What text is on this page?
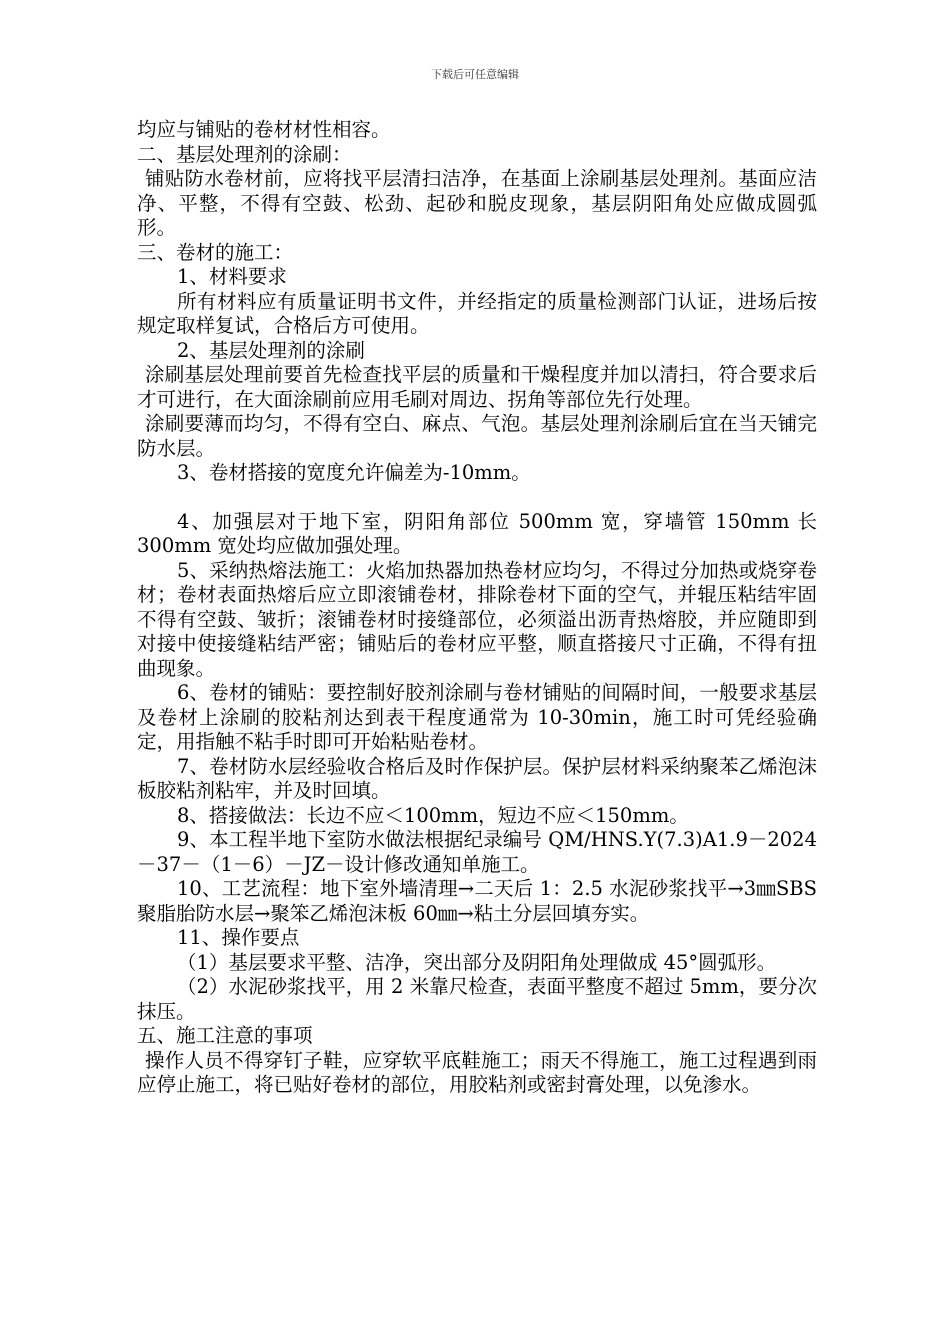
下载后可任意编辑

均应与铺贴的卷材材性相容。

二、基层处理剂的涂刷：

铺贴防水卷材前，应将找平层清扫洁净，在基面上涂刷基层处理剂。基面应洁净、平整，不得有空鼓、松劲、起砂和脱皮现象，基层阴阳角处应做成圆弧形。

三、卷材的施工：

1、材料要求

所有材料应有质量证明书文件，并经指定的质量检测部门认证，进场后按规定取样复试，合格后方可使用。

2、基层处理剂的涂刷

涂刷基层处理前要首先检查找平层的质量和干燥程度并加以清扫，符合要求后才可进行，在大面涂刷前应用毛刷对周边、拐角等部位先行处理。

涂刷要薄而均匀，不得有空白、麻点、气泡。基层处理剂涂刷后宜在当天铺完防水层。

3、卷材搭接的宽度允许偏差为-10mm。

4、加强层对于地下室，阴阳角部位 500mm 宽，穿墙管 150mm 长 300mm 宽处均应做加强处理。

5、采纳热熔法施工：火焰加热器加热卷材应均匀，不得过分加热或烧穿卷材；卷材表面热熔后应立即滚铺卷材，排除卷材下面的空气，并辊压粘结牢固不得有空鼓、皱折；滚铺卷材时接缝部位，必须溢出沥青热熔胶，并应随即到对接中使接缝粘结严密；铺贴后的卷材应平整，顺直搭接尺寸正确，不得有扭曲现象。

6、卷材的铺贴：要控制好胶剂涂刷与卷材铺贴的间隔时间，一般要求基层及卷材上涂刷的胶粘剂达到表干程度通常为 10-30min，施工时可凭经验确定，用指触不粘手时即可开始粘贴卷材。

7、卷材防水层经验收合格后及时作保护层。保护层材料采纳聚苯乙烯泡沫板胶粘剂粘牢，并及时回填。

8、搭接做法：长边不应＜100mm，短边不应＜150mm。

9、本工程半地下室防水做法根据纪录编号 QM/HNS.Y(7.3)A1.9－2024－37－（1－6）－JZ－设计修改通知单施工。

10、工艺流程：地下室外墙清理→二天后 1：2.5 水泥砂浆找平→3㎜SBS 聚脂胎防水层→聚笨乙烯泡沫板 60㎜→粘土分层回填夯实。

11、操作要点

（1）基层要求平整、洁净，突出部分及阴阳角处理做成 45°圆弧形。

（2）水泥砂浆找平，用 2 米靠尺检查，表面平整度不超过 5mm，要分次抹压。

五、施工注意的事项

操作人员不得穿钉子鞋，应穿软平底鞋施工；雨天不得施工，施工过程遇到雨应停止施工，将已贴好卷材的部位，用胶粘剂或密封膏处理，以免渗水。
